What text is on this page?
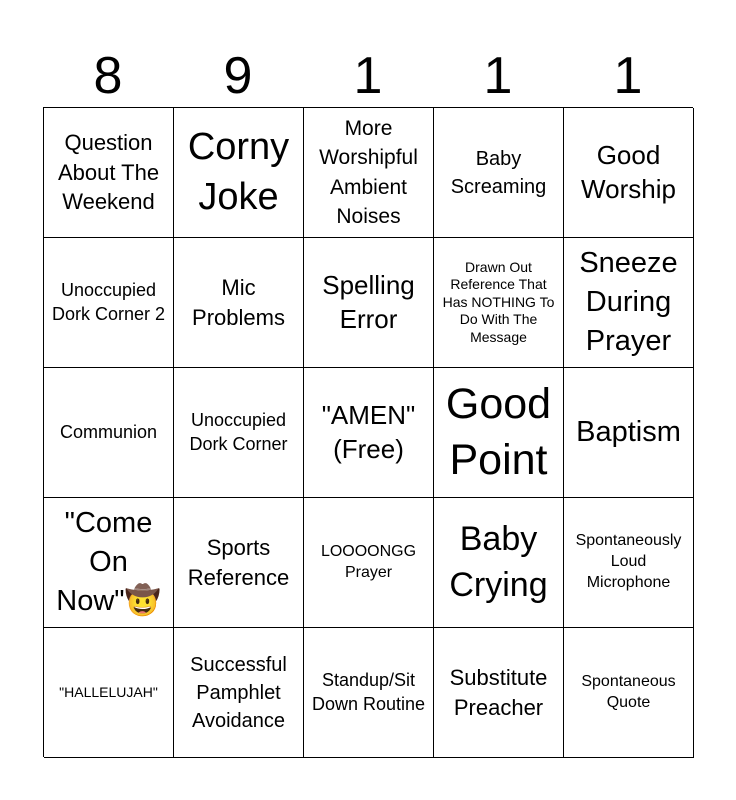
8	9	1	1	1
Question About The Weekend
Corny Joke
More Worshipful Ambient Noises
Baby Screaming
Good Worship
Unoccupied Dork Corner 2
Mic Problems
Spelling Error
Drawn Out Reference That Has NOTHING To Do With The Message
Sneeze During Prayer
Communion
Unoccupied Dork Corner
"AMEN" (Free)
Good Point
Baptism
"Come On Now"🤠
Sports Reference
LOOOONGG Prayer
Baby Crying
Spontaneously Loud Microphone
"HALLELUJAH"
Successful Pamphlet Avoidance
Standup/Sit Down Routine
Substitute Preacher
Spontaneous Quote
